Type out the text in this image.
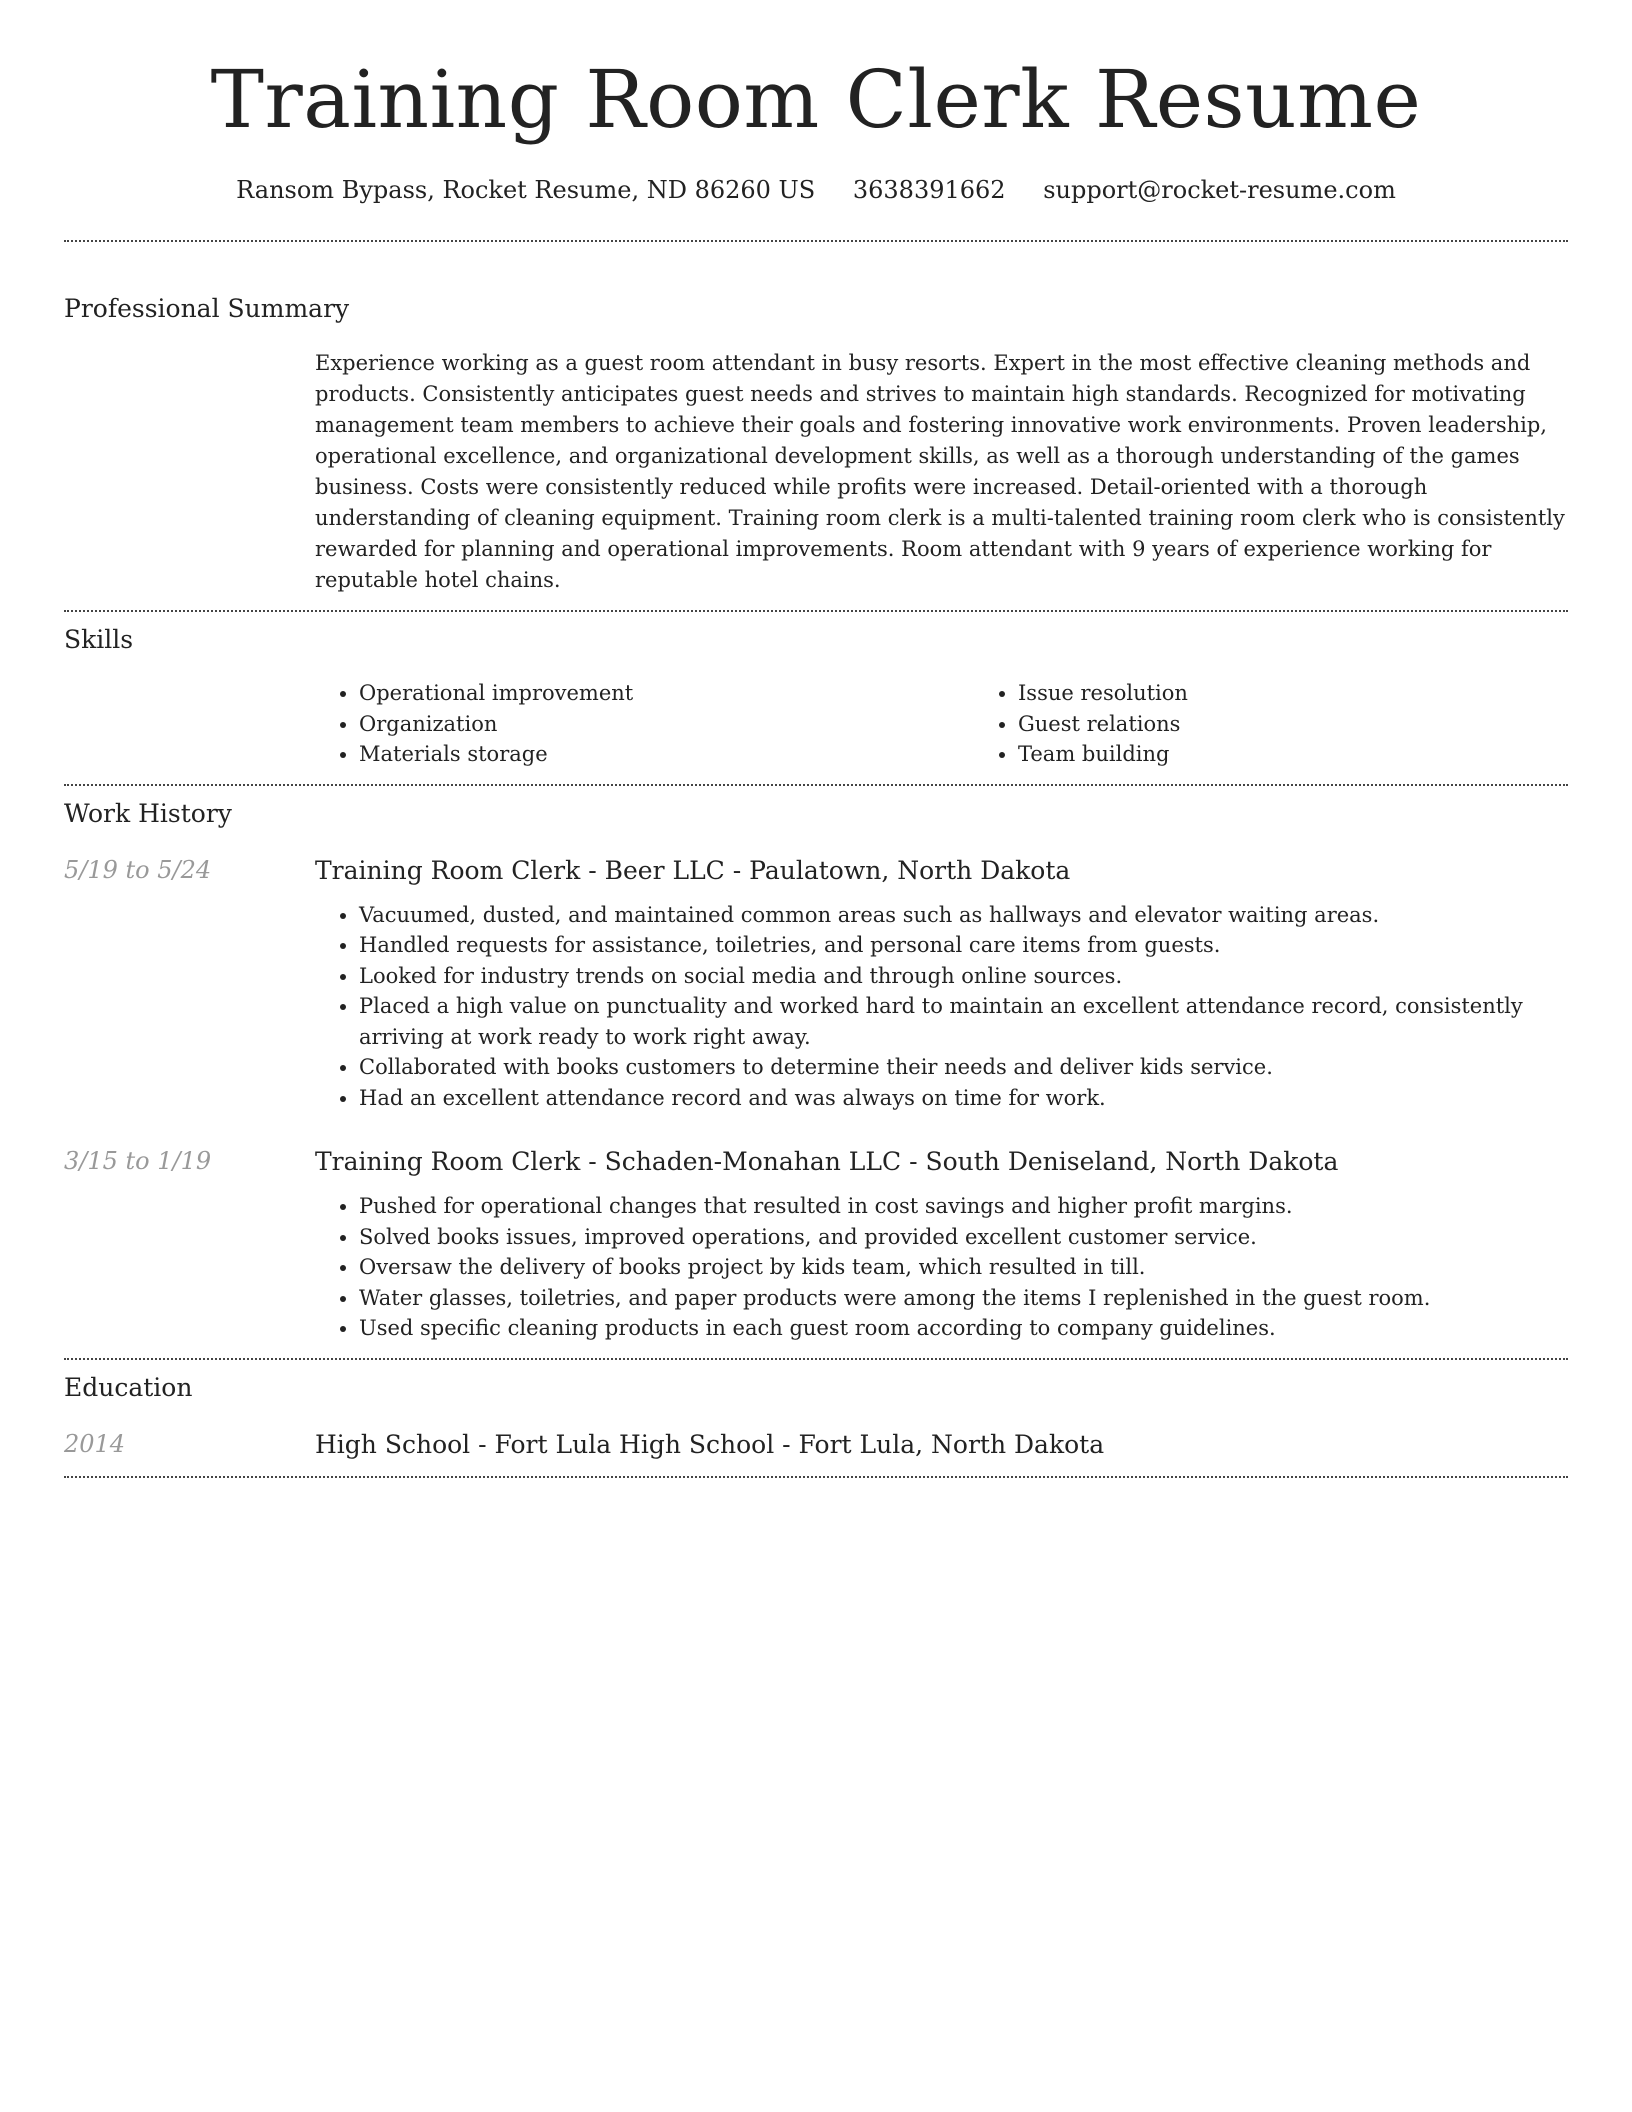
Training Room Clerk Resume
Ransom Bypass, Rocket Resume, ND 86260 US 3638391662 support@rocket-resume.com
Professional Summary

Experience working as a guest room attendant in busy resorts. Expert in the most effective cleaning methods and products. Consistently anticipates guest needs and strives to maintain high standards. Recognized for motivating management team members to achieve their goals and fostering innovative work environments. Proven leadership, operational excellence, and organizational development skills, as well as a thorough understanding of the games business. Costs were consistently reduced while profits were increased. Detail-oriented with a thorough understanding of cleaning equipment. Training room clerk is a multi-talented training room clerk who is consistently rewarded for planning and operational improvements. Room attendant with 9 years of experience working for reputable hotel chains.

Skills
• Operational improvement
• Organization
• Materials storage
• Issue resolution
• Guest relations
• Team building
Work History
5/19 to 5/24	Training Room Clerk - Beer LLC - Paulatown, North Dakota
• Vacuumed, dusted, and maintained common areas such as hallways and elevator waiting areas.
• Handled requests for assistance, toiletries, and personal care items from guests.
• Looked for industry trends on social media and through online sources.
• Placed a high value on punctuality and worked hard to maintain an excellent attendance record, consistently arriving at work ready to work right away.
• Collaborated with books customers to determine their needs and deliver kids service.
• Had an excellent attendance record and was always on time for work.
3/15 to 1/19	Training Room Clerk - Schaden-Monahan LLC - South Deniseland, North Dakota
• Pushed for operational changes that resulted in cost savings and higher profit margins.
• Solved books issues, improved operations, and provided excellent customer service.
• Oversaw the delivery of books project by kids team, which resulted in till.
• Water glasses, toiletries, and paper products were among the items I replenished in the guest room.
• Used specific cleaning products in each guest room according to company guidelines.
Education
2014	High School - Fort Lula High School - Fort Lula, North Dakota
